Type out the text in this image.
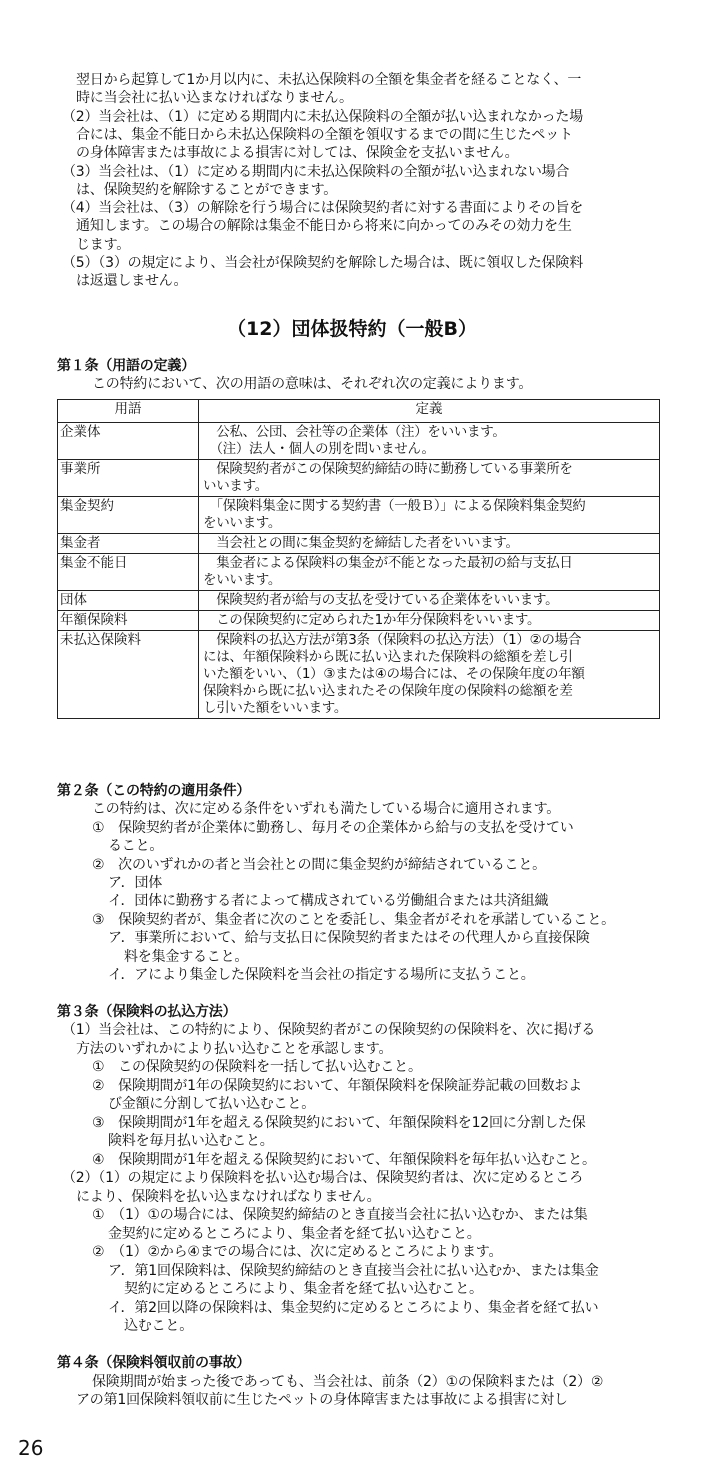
翌日から起算して1か月以内に、未払込保険料の全額を集金者を経ることなく、一
時に当会社に払い込まなければなりません。
（2）当会社は、（1）に定める期間内に未払込保険料の全額が払い込まれなかった場
合には、集金不能日から未払込保険料の全額を領収するまでの間に生じたペット
の身体障害または事故による損害に対しては、保険金を支払いません。
（3）当会社は、（1）に定める期間内に未払込保険料の全額が払い込まれない場合
は、保険契約を解除することができます。
（4）当会社は、（3）の解除を行う場合には保険契約者に対する書面によりその旨を
通知します。この場合の解除は集金不能日から将来に向かってのみその効力を生
じます。
（5）（3）の規定により、当会社が保険契約を解除した場合は、既に領収した保険料
は返還しません。
（12）団体扱特約（一般B）
第１条（用語の定義）
この特約において、次の用語の意味は、それぞれ次の定義によります。
用語	定義
企業体	　公私、公団、会社等の企業体（注）をいいます。
　（注）法人・個人の別を問いません。

事業所	　保険契約者がこの保険契約締結の時に勤務している事業所を
いいます。

集金契約	　「保険料集金に関する契約書（一般Ｂ）」による保険料集金契約
をいいます。

集金者	　当会社との間に集金契約を締結した者をいいます。

集金不能日	　集金者による保険料の集金が不能となった最初の給与支払日
をいいます。

団体	　保険契約者が給与の支払を受けている企業体をいいます。

年額保険料	　この保険契約に定められた1か年分保険料をいいます。

未払込保険料	　保険料の払込方法が第3条（保険料の払込方法）（1）②の場合
には、年額保険料から既に払い込まれた保険料の総額を差し引
いた額をいい、（1）③または④の場合には、その保険年度の年額
保険料から既に払い込まれたその保険年度の保険料の総額を差
し引いた額をいいます。
第２条（この特約の適用条件）
この特約は、次に定める条件をいずれも満たしている場合に適用されます。
①　保険契約者が企業体に勤務し、毎月その企業体から給与の支払を受けてい
ること。
②　次のいずれかの者と当会社との間に集金契約が締結されていること。
ア．団体
イ．団体に勤務する者によって構成されている労働組合または共済組織
③　保険契約者が、集金者に次のことを委託し、集金者がそれを承諾していること。
ア．事業所において、給与支払日に保険契約者またはその代理人から直接保険
料を集金すること。
イ．アにより集金した保険料を当会社の指定する場所に支払うこと。
第３条（保険料の払込方法）
（1）当会社は、この特約により、保険契約者がこの保険契約の保険料を、次に掲げる
方法のいずれかにより払い込むことを承認します。
①　この保険契約の保険料を一括して払い込むこと。
②　保険期間が1年の保険契約において、年額保険料を保険証券記載の回数およ
び金額に分割して払い込むこと。
③　保険期間が1年を超える保険契約において、年額保険料を12回に分割した保
険料を毎月払い込むこと。
④　保険期間が1年を超える保険契約において、年額保険料を毎年払い込むこと。
（2）（1）の規定により保険料を払い込む場合は、保険契約者は、次に定めるところ
により、保険料を払い込まなければなりません。
①　（1）①の場合には、保険契約締結のとき直接当会社に払い込むか、または集
金契約に定めるところにより、集金者を経て払い込むこと。
②　（1）②から④までの場合には、次に定めるところによります。
ア．第1回保険料は、保険契約締結のとき直接当会社に払い込むか、または集金
契約に定めるところにより、集金者を経て払い込むこと。
イ．第2回以降の保険料は、集金契約に定めるところにより、集金者を経て払い
込むこと。
第４条（保険料領収前の事故）
保険期間が始まった後であっても、当会社は、前条（2）①の保険料または（2）②
アの第1回保険料領収前に生じたペットの身体障害または事故による損害に対し
26
